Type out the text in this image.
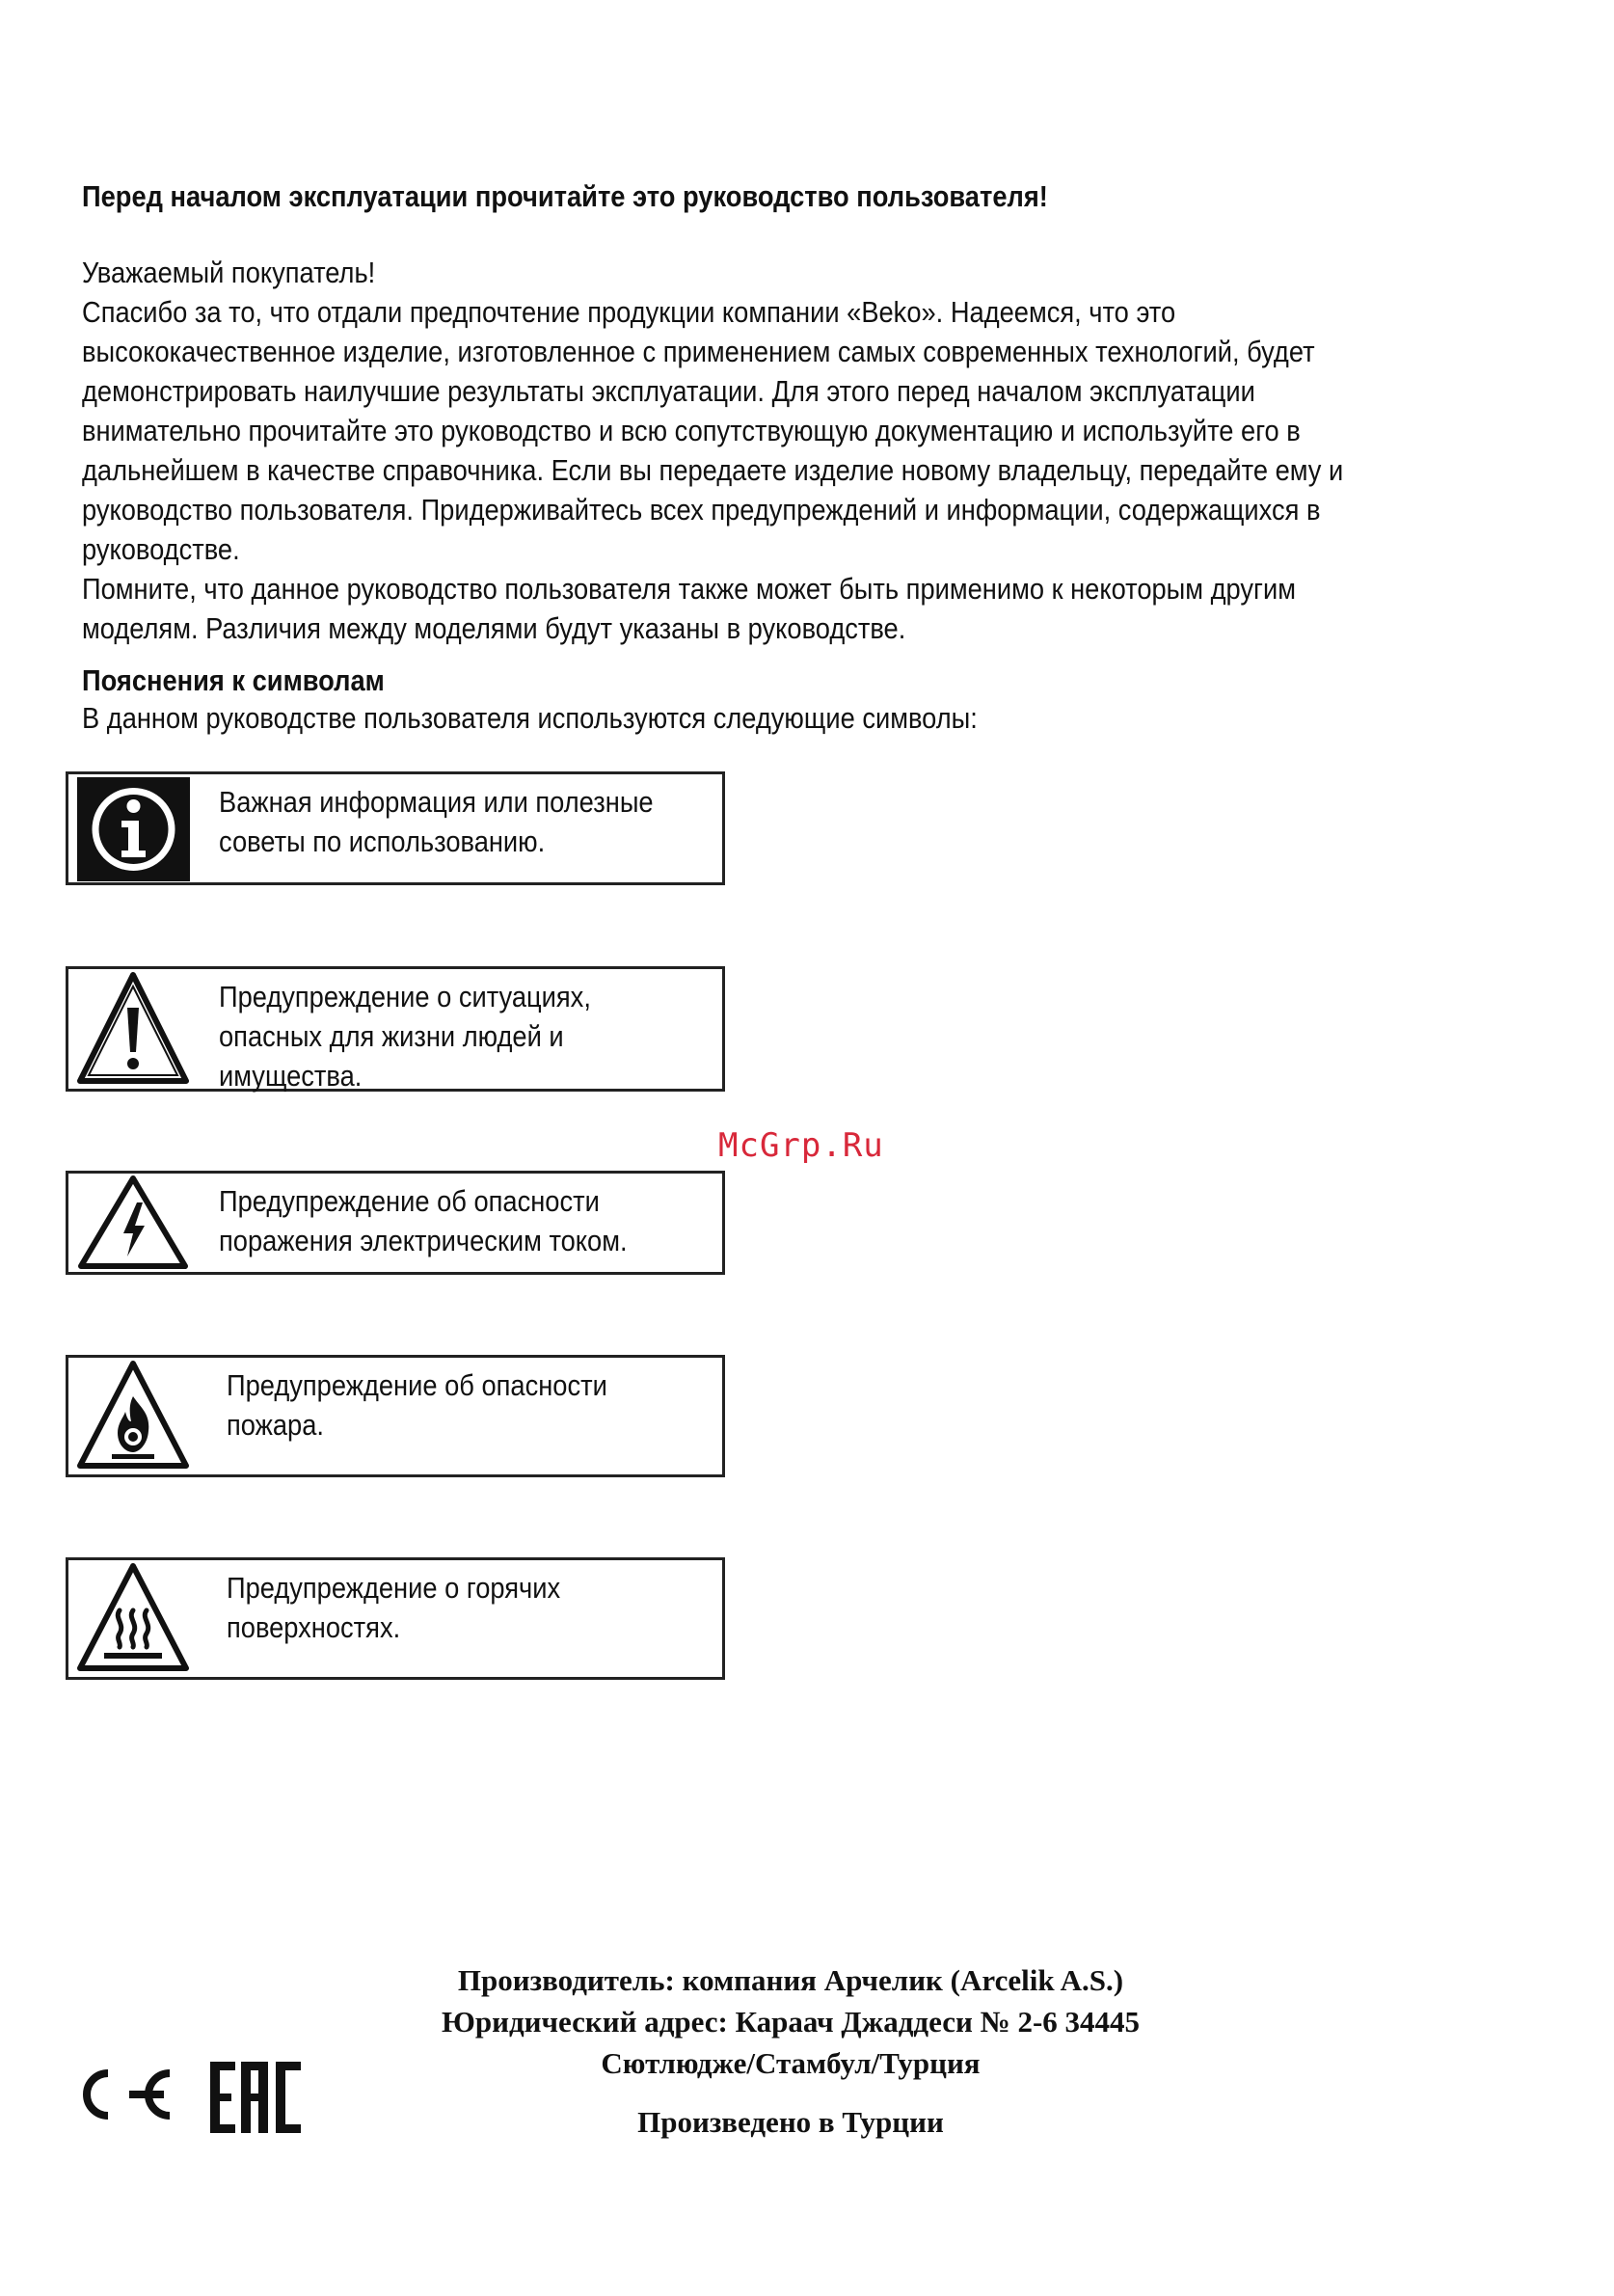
Перед началом эксплуатации прочитайте это руководство пользователя!

Уважаемый покупатель!

Спасибо за то, что отдали предпочтение продукции компании «Beko». Надеемся, что это

высококачественное изделие, изготовленное с применением самых современных технологий, будет

демонстрировать наилучшие результаты эксплуатации. Для этого перед началом эксплуатации

внимательно прочитайте это руководство и всю сопутствующую документацию и используйте его в

дальнейшем в качестве справочника. Если вы передаете изделие новому владельцу, передайте ему и

руководство пользователя. Придерживайтесь всех предупреждений и информации, содержащихся в

руководстве.

Помните, что данное руководство пользователя также может быть применимо к некоторым другим

моделям. Различия между моделями будут указаны в руководстве.

Пояснения к символам
В данном руководстве пользователя используются следующие символы:
Важная информация или полезные
советы по использованию.
Предупреждение о ситуациях,
опасных для жизни людей и
имущества.
Предупреждение об опасности
поражения электрическим током.
Предупреждение об опасности
пожара.
Предупреждение о горячих
поверхностях.
McGrp.Ru
Производитель: компания Арчелик (Arcelik A.S.)
Юридический адрес: Караач Джаддеси № 2-6 34445
Сютлюдже/Стамбул/Турция
Произведено в Турции
